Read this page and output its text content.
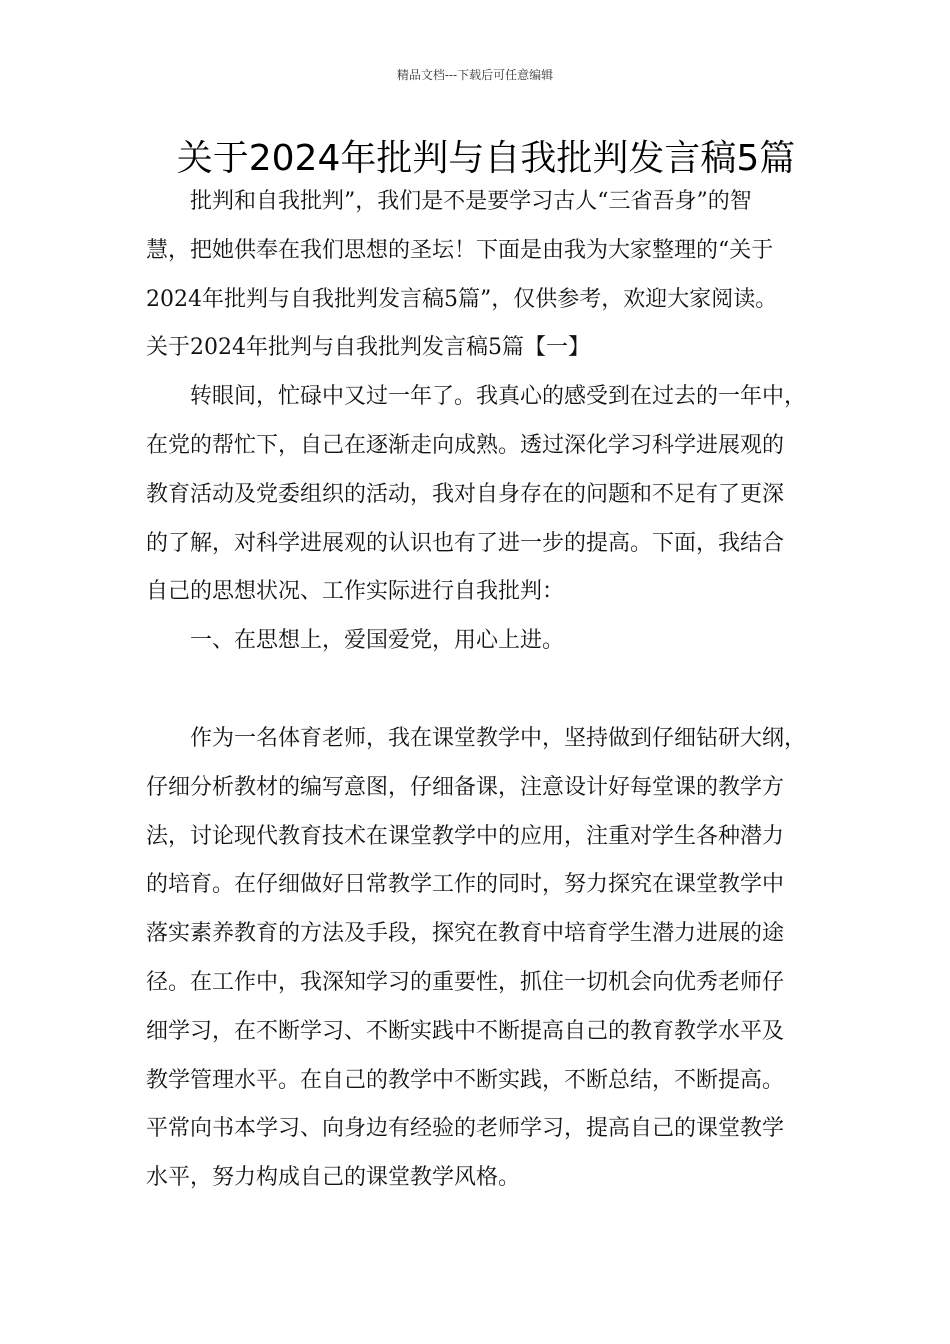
精品文档---下载后可任意编辑
关于2024年批判与自我批判发言稿5篇
批判和自我批判”，我们是不是要学习古人“三省吾身”的智
慧，把她供奉在我们思想的圣坛！下面是由我为大家整理的“关于
2024年批判与自我批判发言稿5篇”，仅供参考，欢迎大家阅读。
关于2024年批判与自我批判发言稿5篇【一】
转眼间，忙碌中又过一年了。我真心的感受到在过去的一年中，
在党的帮忙下，自己在逐渐走向成熟。透过深化学习科学进展观的
教育活动及党委组织的活动，我对自身存在的问题和不足有了更深
的了解，对科学进展观的认识也有了进一步的提高。下面，我结合
自己的思想状况、工作实际进行自我批判：
一、在思想上，爱国爱党，用心上进。
作为一名体育老师，我在课堂教学中，坚持做到仔细钻研大纲，
仔细分析教材的编写意图，仔细备课，注意设计好每堂课的教学方
法，讨论现代教育技术在课堂教学中的应用，注重对学生各种潜力
的培育。在仔细做好日常教学工作的同时，努力探究在课堂教学中
落实素养教育的方法及手段，探究在教育中培育学生潜力进展的途
径。在工作中，我深知学习的重要性，抓住一切机会向优秀老师仔
细学习，在不断学习、不断实践中不断提高自己的教育教学水平及
教学管理水平。在自己的教学中不断实践，不断总结，不断提高。
平常向书本学习、向身边有经验的老师学习，提高自己的课堂教学
水平，努力构成自己的课堂教学风格。
